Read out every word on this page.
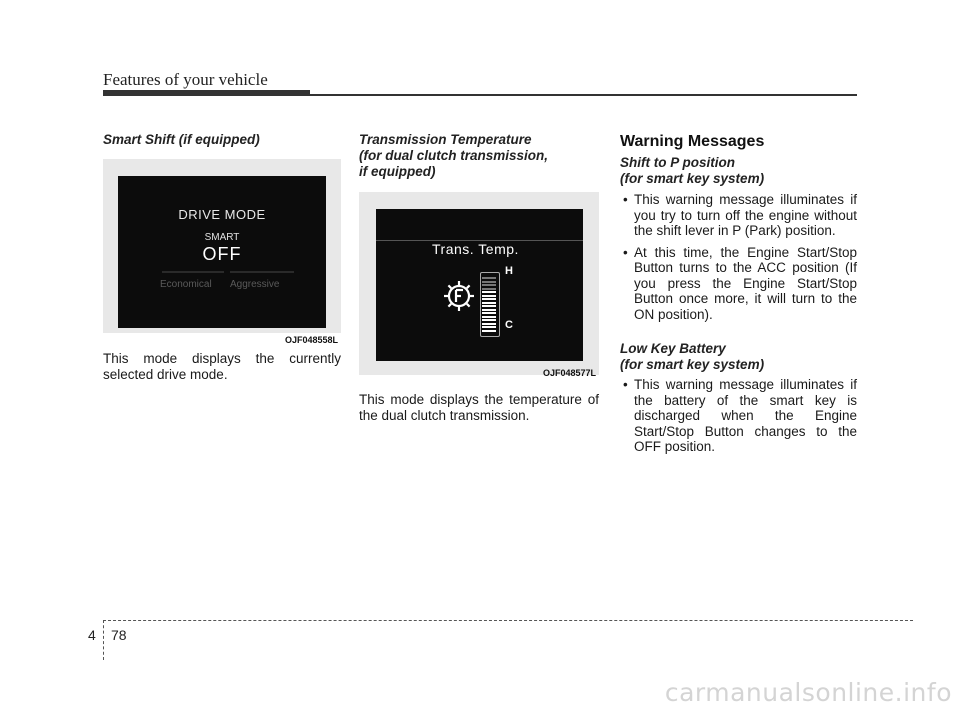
Features of your vehicle
Smart Shift (if equipped)
DRIVE MODE
SMART
OFF
Economical Aggressive
OJF048558L
This mode displays the currently selected drive mode.
Transmission Temperature
(for dual clutch transmission,
if equipped)
Trans. Temp.
H
C
OJF048577L
This mode displays the temperature of the dual clutch transmission.
Warning Messages
Shift to P position
(for smart key system)
• This warning message illuminates if you try to turn off the engine without the shift lever in P (Park) position.
• At this time, the Engine Start/Stop Button turns to the ACC position (If you press the Engine Start/Stop Button once more, it will turn to the ON position).
Low Key Battery
(for smart key system)
• This warning message illuminates if the battery of the smart key is discharged when the Engine Start/Stop Button changes to the OFF position.
4 78
carmanualsonline.info
